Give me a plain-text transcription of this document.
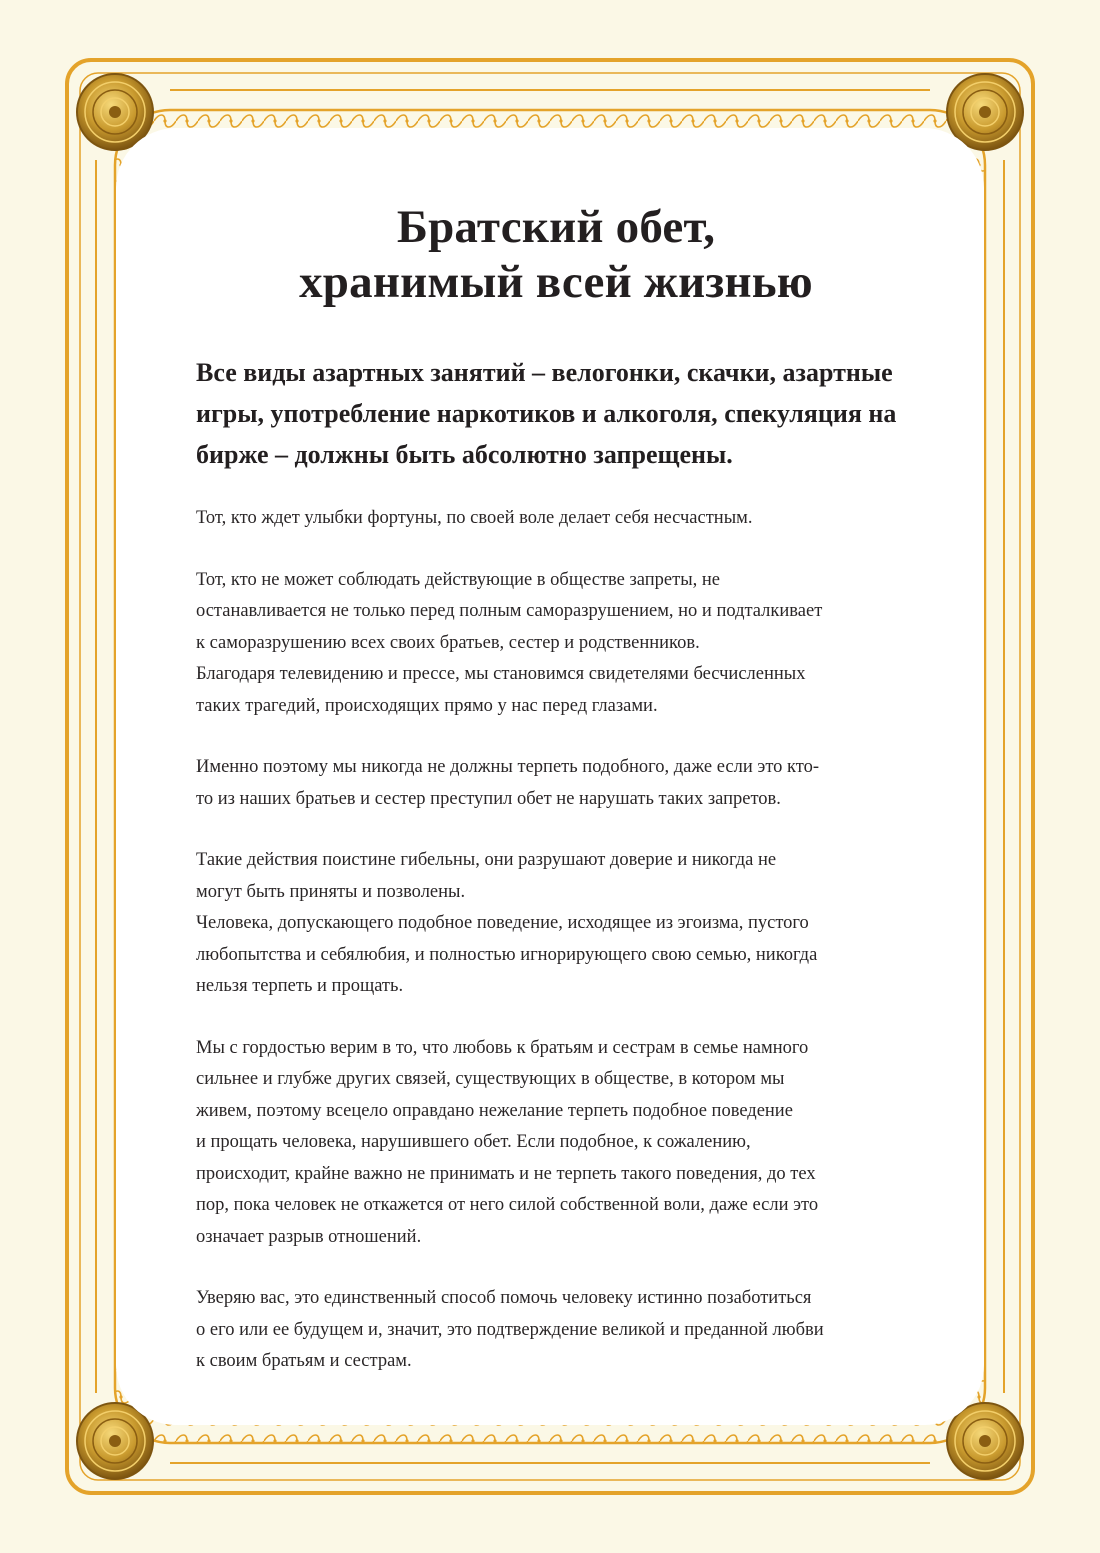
Братский обет,
хранимый всей жизнью

Все виды азартных занятий – велогонки, скачки, азартные игры, употребление наркотиков и алкоголя, спекуляция на бирже – должны быть абсолютно запрещены.

Тот, кто ждет улыбки фортуны, по своей воле делает себя несчастным.

Тот, кто не может соблюдать действующие в обществе запреты, не
останавливается не только перед полным саморазрушением, но и подталкивает
к саморазрушению всех своих братьев, сестер и родственников.
Благодаря телевидению и прессе, мы становимся свидетелями бесчисленных
таких трагедий, происходящих прямо у нас перед глазами.

Именно поэтому мы никогда не должны терпеть подобного, даже если это кто-
то из наших братьев и сестер преступил обет не нарушать таких запретов.

Такие действия поистине гибельны, они разрушают доверие и никогда не
могут быть приняты и позволены.
Человека, допускающего подобное поведение, исходящее из эгоизма, пустого
любопытства и себялюбия, и полностью игнорирующего свою семью, никогда
нельзя терпеть и прощать.

Мы с гордостью верим в то, что любовь к братьям и сестрам в семье намного
сильнее и глубже других связей, существующих в обществе, в котором мы
живем, поэтому всецело оправдано нежелание терпеть подобное поведение
и прощать человека, нарушившего обет. Если подобное, к сожалению,
происходит, крайне важно не принимать и не терпеть такого поведения, до тех
пор, пока человек не откажется от него силой собственной воли, даже если это
означает разрыв отношений.

Уверяю вас, это единственный способ помочь человеку истинно позаботиться
о его или ее будущем и, значит, это подтверждение великой и преданной любви
к своим братьям и сестрам.
